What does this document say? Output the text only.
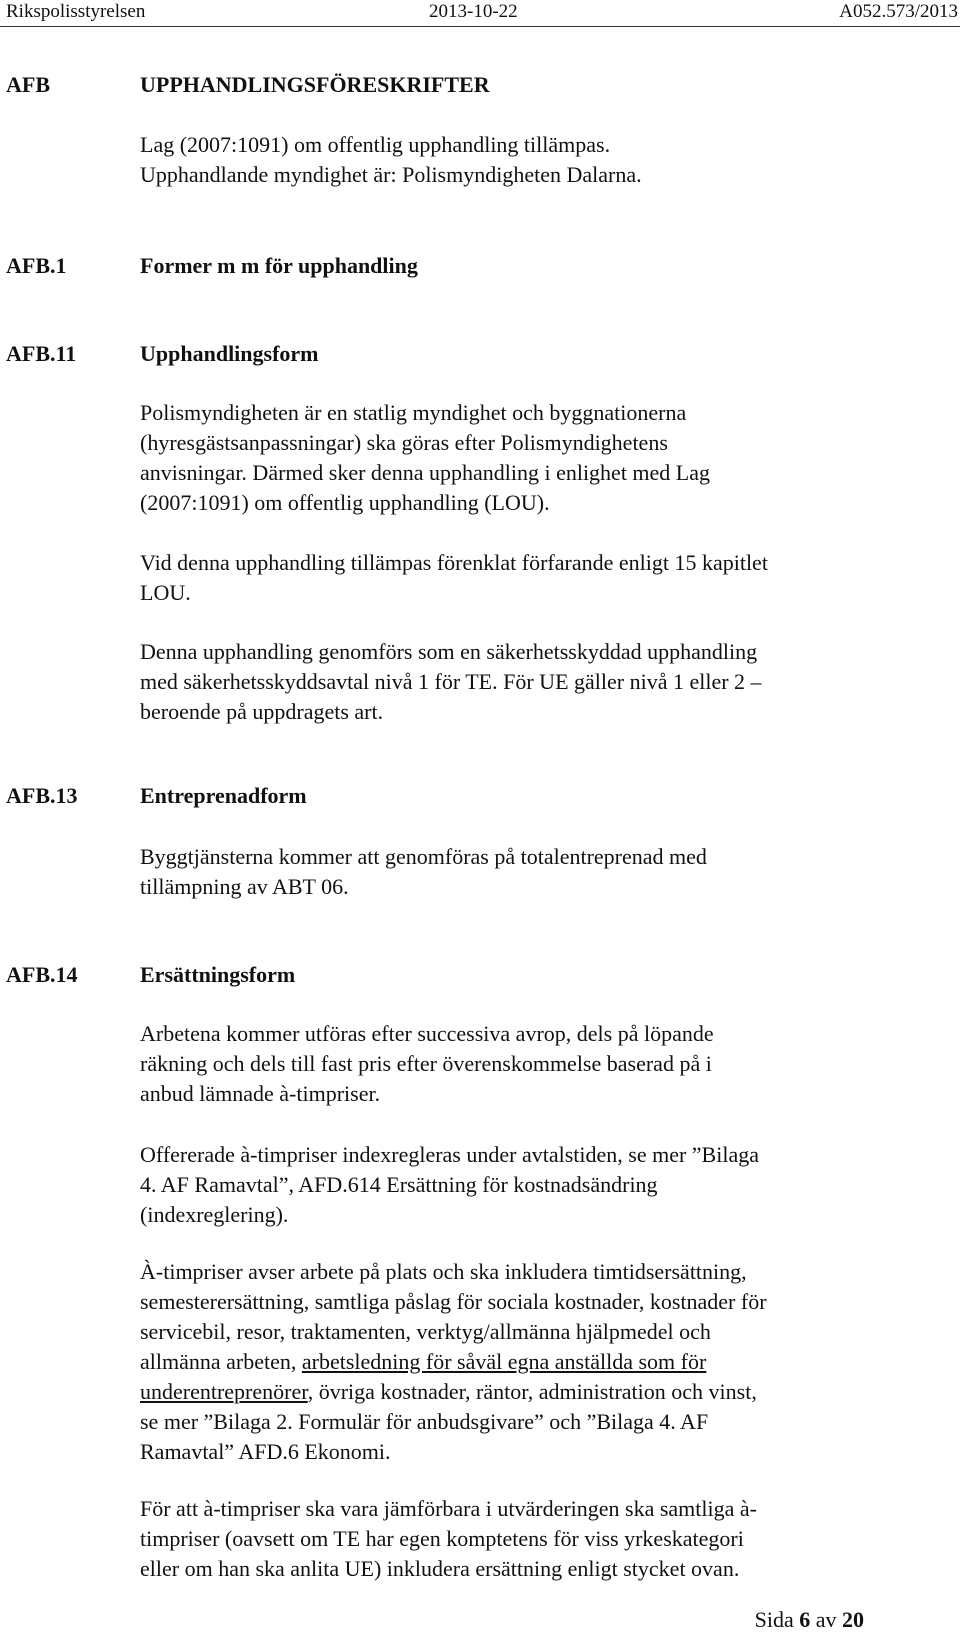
Rikspolisstyrelsen	2013-10-22	A052.573/2013
AFB	UPPHANDLINGSFÖRESKRIFTER
Lag (2007:1091) om offentlig upphandling tillämpas.
Upphandlande myndighet är: Polismyndigheten Dalarna.
AFB.1	Former m m för upphandling
AFB.11	Upphandlingsform
Polismyndigheten är en statlig myndighet och byggnationerna
(hyresgästsanpassningar) ska göras efter Polismyndighetens
anvisningar. Därmed sker denna upphandling i enlighet med Lag
(2007:1091) om offentlig upphandling (LOU).
Vid denna upphandling tillämpas förenklat förfarande enligt 15 kapitlet
LOU.
Denna upphandling genomförs som en säkerhetsskyddad upphandling
med säkerhetsskyddsavtal nivå 1 för TE. För UE gäller nivå 1 eller 2 –
beroende på uppdragets art.
AFB.13	Entreprenadform
Byggtjänsterna kommer att genomföras på totalentreprenad med
tillämpning av ABT 06.
AFB.14	Ersättningsform
Arbetena kommer utföras efter successiva avrop, dels på löpande
räkning och dels till fast pris efter överenskommelse baserad på i
anbud lämnade à-timpriser.
Offererade à-timpriser indexregleras under avtalstiden, se mer ”Bilaga
4. AF Ramavtal”, AFD.614 Ersättning för kostnadsändring
(indexreglering).
À-timpriser avser arbete på plats och ska inkludera timtidsersättning,
semesterersättning, samtliga påslag för sociala kostnader, kostnader för
servicebil, resor, traktamenten, verktyg/allmänna hjälpmedel och
allmänna arbeten, arbetsledning för såväl egna anställda som för
underentreprenörer, övriga kostnader, räntor, administration och vinst,
se mer ”Bilaga 2. Formulär för anbudsgivare” och ”Bilaga 4. AF
Ramavtal” AFD.6 Ekonomi.
För att à-timpriser ska vara jämförbara i utvärderingen ska samtliga à-
timpriser (oavsett om TE har egen komptetens för viss yrkeskategori
eller om han ska anlita UE) inkludera ersättning enligt stycket ovan.
Sida 6 av 20
